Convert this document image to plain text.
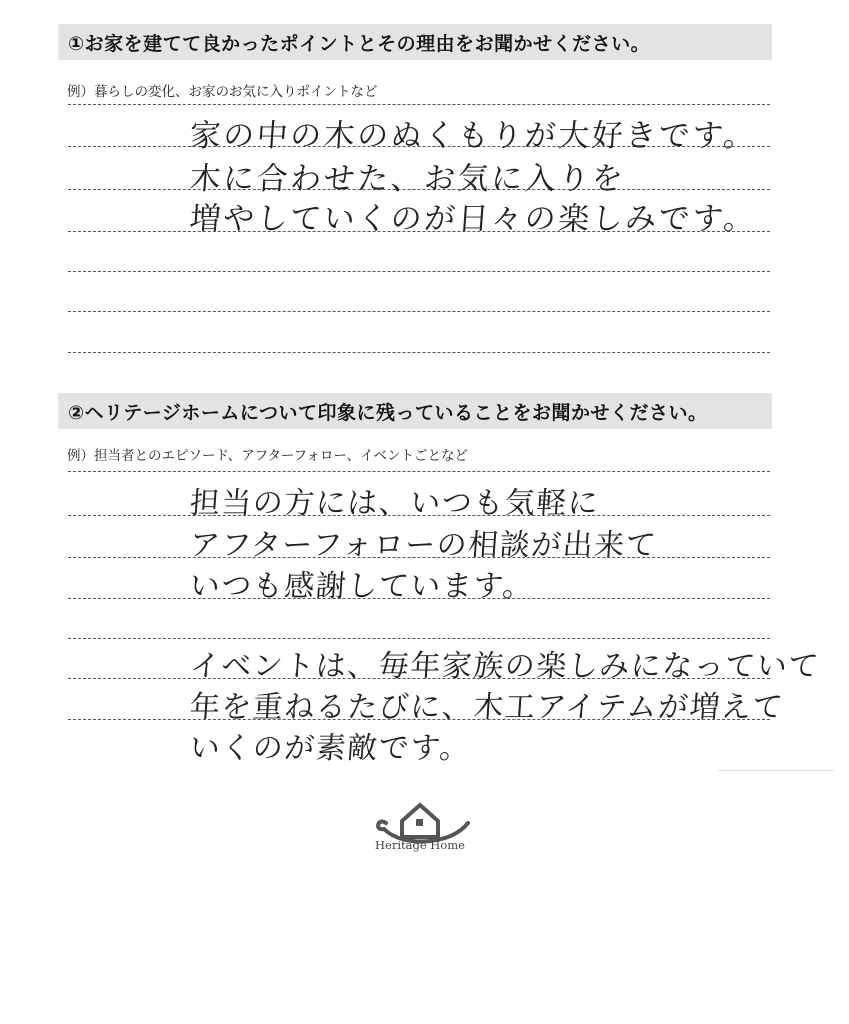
①お家を建てて良かったポイントとその理由をお聞かせください。
例）暮らしの変化、お家のお気に入りポイントなど
家の中の木のぬくもりが大好きです。
木に合わせた、お気に入りを
増やしていくのが日々の楽しみです。
②ヘリテージホームについて印象に残っていることをお聞かせください。
例）担当者とのエピソード、アフターフォロー、イベントごとなど
担当の方には、いつも気軽に
アフターフォローの相談が出来て
いつも感謝しています。
イベントは、毎年家族の楽しみになっていて
年を重ねるたびに、木工アイテムが増えて
いくのが素敵です。
Heritage Home
